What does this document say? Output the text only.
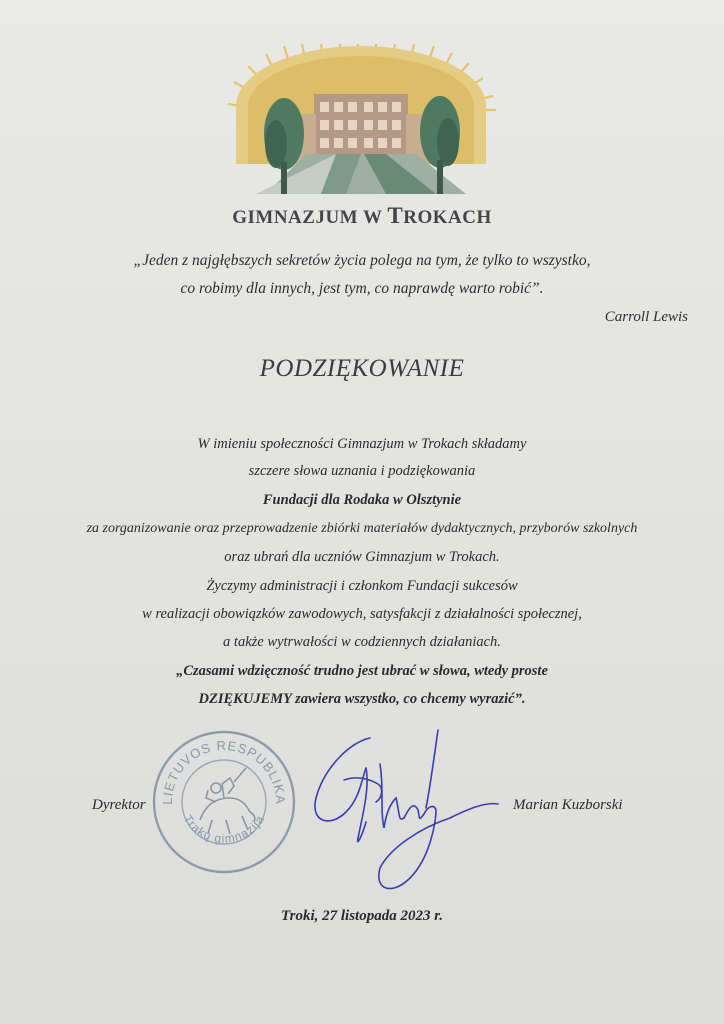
GIMNAZJUM W TROKACH
„Jeden z najgłębszych sekretów życia polega na tym, że tylko to wszystko,
co robimy dla innych, jest tym, co naprawdę warto robić”.
Carroll Lewis
PODZIĘKOWANIE
W imieniu społeczności Gimnazjum w Trokach składamy
szczere słowa uznania i podziękowania
Fundacji dla Rodaka w Olsztynie
za zorganizowanie oraz przeprowadzenie zbiórki materiałów dydaktycznych, przyborów szkolnych
oraz ubrań dla uczniów Gimnazjum w Trokach.
Życzymy administracji i członkom Fundacji sukcesów
w realizacji obowiązków zawodowych, satysfakcji z działalności społecznej,
a także wytrwałości w codziennych działaniach.
„Czasami wdzięczność trudno jest ubrać w słowa, wtedy proste
DZIĘKUJEMY zawiera wszystko, co chcemy wyrazić”.
LIETUVOS RESPUBLIKA
Trakų gimnazija
Dyrektor	Marian Kuzborski
Troki, 27 listopada 2023 r.
